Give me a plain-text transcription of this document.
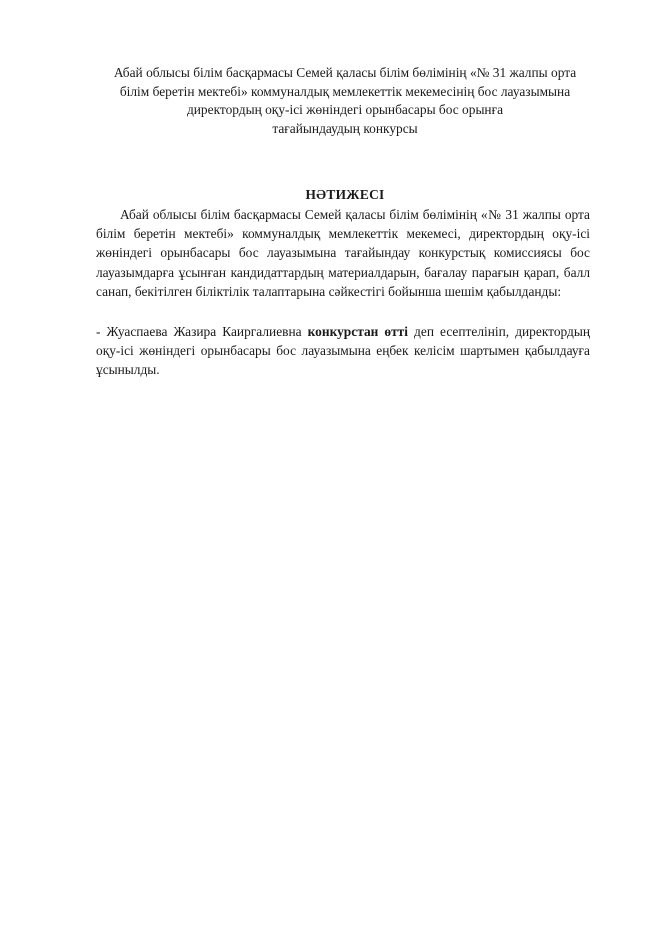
Абай облысы білім басқармасы Семей қаласы білім бөлімінің «№ 31 жалпы орта
білім беретін мектебі» коммуналдық мемлекеттік мекемесінің бос лауазымына
директордың оқу-ісі жөніндегі орынбасары бос орынға
тағайындаудың конкурсы
НӘТИЖЕСІ

Абай облысы білім басқармасы Семей қаласы білім бөлімінің «№ 31 жалпы орта білім беретін мектебі» коммуналдық мемлекеттік мекемесі, директордың оқу-ісі жөніндегі орынбасары бос лауазымына тағайындау конкурстық комиссиясы бос лауазымдарға ұсынған кандидаттардың материалдарын, бағалау парағын қарап, балл санап, бекітілген біліктілік талаптарына сәйкестігі бойынша шешім қабылданды:

- Жуаспаева Жазира Каиргалиевна конкурстан өтті деп есептелініп, директордың оқу-ісі жөніндегі орынбасары бос лауазымына еңбек келісім шартымен қабылдауға ұсынылды.
